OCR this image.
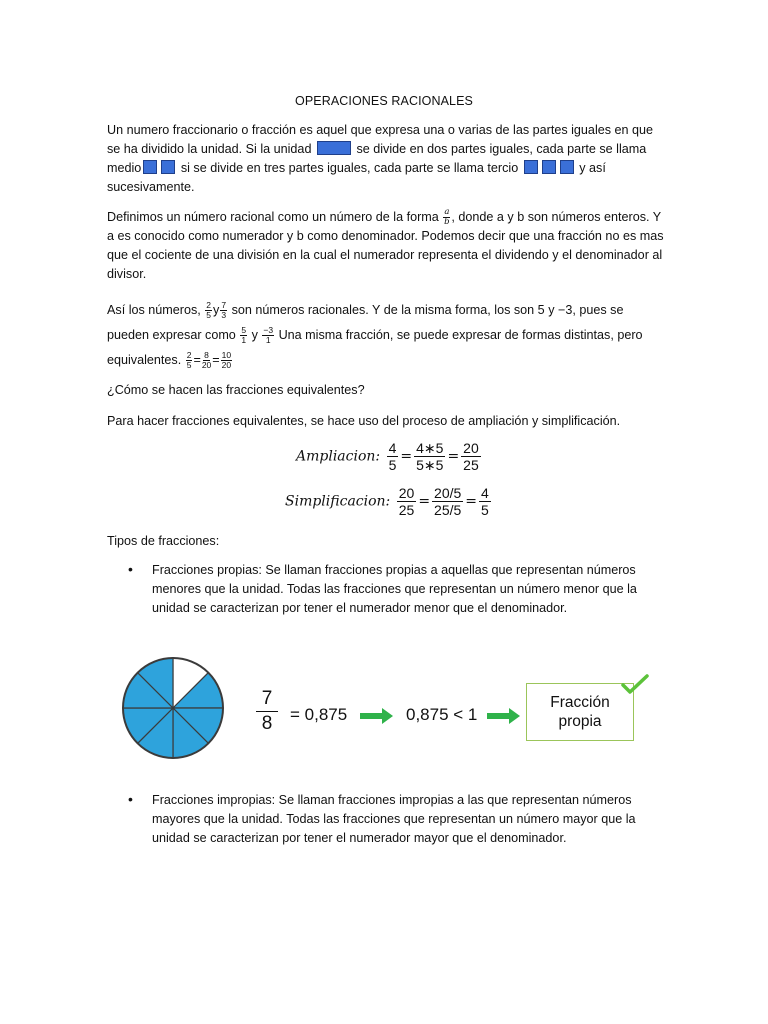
OPERACIONES RACIONALES
Un numero fraccionario o fracción es aquel que expresa una o varias de las partes iguales en que se ha dividido la unidad. Si la unidad	se divide en dos partes iguales, cada parte se llama medio	si se divide en tres partes iguales, cada parte se llama tercio	y así sucesivamente.
Definimos un número racional como un número de la forma $\frac{a}{b}$ , donde a y b son números enteros. Y a es conocido como numerador y b como denominador. Podemos decir que una fracción no es mas que el cociente de una división en la cual el numerador representa el dividendo y el denominador al divisor.
Así los números, $\frac{2}{5}$ y $\frac{7}{3}$ son números racionales. Y de la misma forma, los son 5 y −3, pues se pueden expresar como $\frac{5}{1}$ y $\frac{-3}{1}$ Una misma fracción, se puede expresar de formas distintas, pero equivalentes. $\frac{2}{5} = \frac{8}{20} = \frac{10}{20}$
¿Cómo se hacen las fracciones equivalentes?
Para hacer fracciones equivalentes, se hace uso del proceso de ampliación y simplificación.
Ampliacion: $\frac{4}{5} = \frac{4∗5}{5∗5} = \frac{20}{25}$
Simplificacion: $\frac{20}{25} = \frac{20/5}{25/5} = \frac{4}{5}$
Tipos de fracciones:
• Fracciones propias: Se llaman fracciones propias a aquellas que representan números menores que la unidad. Todas las fracciones que representan un número menor que la unidad se caracterizan por tener el numerador menor que el denominador.
7
8	= 0,875	0,875 < 1
Fracción propia
• Fracciones impropias: Se llaman fracciones impropias a las que representan números mayores que la unidad. Todas las fracciones que representan un número mayor que la unidad se caracterizan por tener el numerador mayor que el denominador.
